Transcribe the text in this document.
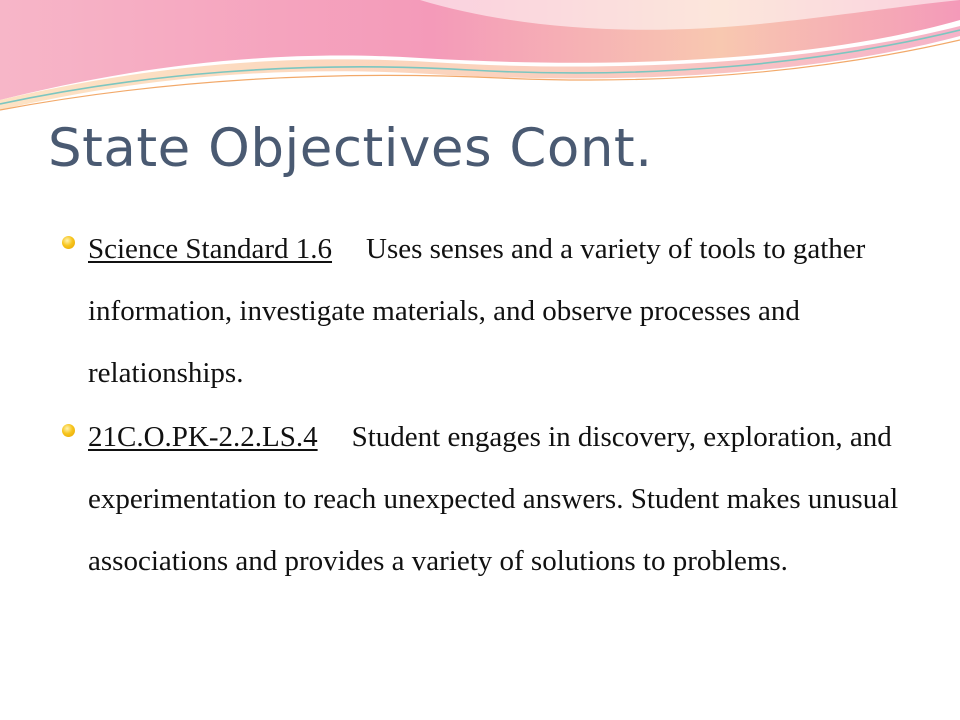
State Objectives Cont.
Science Standard 1.6 Uses senses and a variety of tools to gather information, investigate materials, and observe processes and relationships.
21C.O.PK-2.2.LS.4 Student engages in discovery, exploration, and experimentation to reach unexpected answers. Student makes unusual associations and provides a variety of solutions to problems.
